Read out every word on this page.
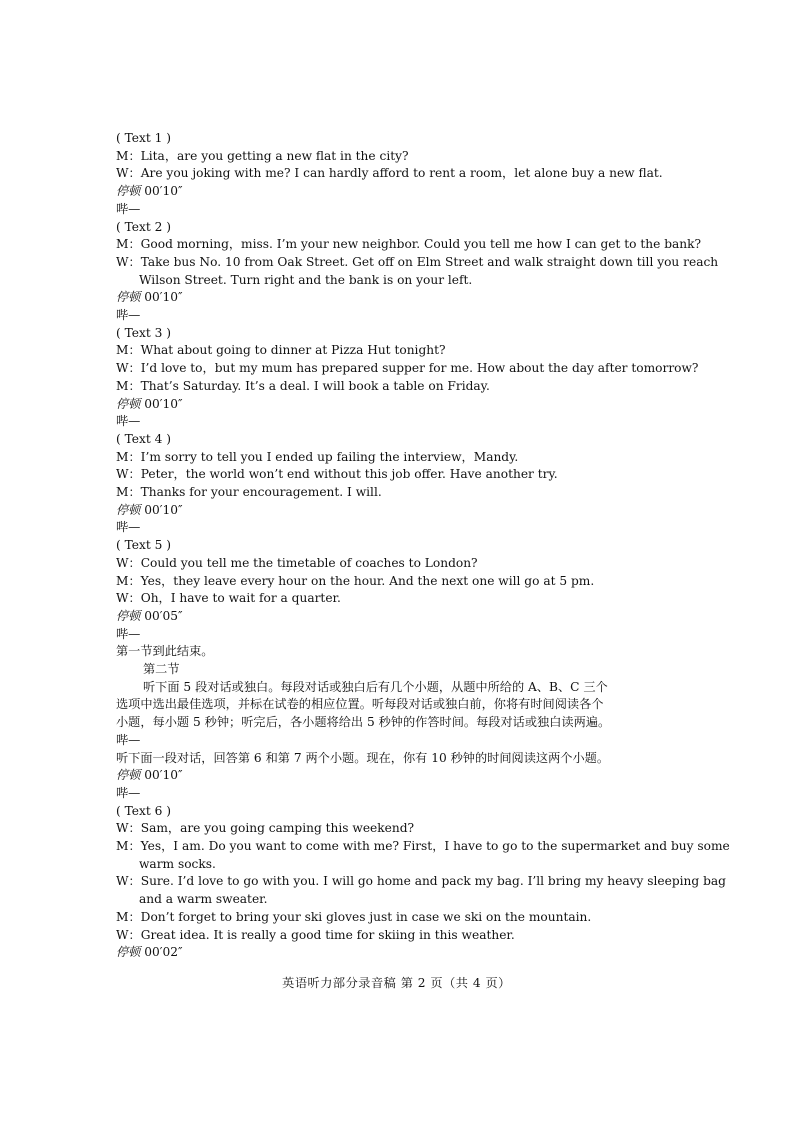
( Text 1 )
M：Lita，are you getting a new flat in the city?
W：Are you joking with me? I can hardly afford to rent a room，let alone buy a new flat.
停顿 00′10″
哔—
( Text 2 )
M：Good morning，miss. I’m your new neighbor. Could you tell me how I can get to the bank?
W：Take bus No. 10 from Oak Street. Get off on Elm Street and walk straight down till you reach
Wilson Street. Turn right and the bank is on your left.
停顿 00′10″
哔—
( Text 3 )
M：What about going to dinner at Pizza Hut tonight?
W：I’d love to，but my mum has prepared supper for me. How about the day after tomorrow?
M：That’s Saturday. It’s a deal. I will book a table on Friday.
停顿 00′10″
哔—
( Text 4 )
M：I’m sorry to tell you I ended up failing the interview，Mandy.
W：Peter，the world won’t end without this job offer. Have another try.
M：Thanks for your encouragement. I will.
停顿 00′10″
哔—
( Text 5 )
W：Could you tell me the timetable of coaches to London?
M：Yes，they leave every hour on the hour. And the next one will go at 5 pm.
W：Oh，I have to wait for a quarter.
停顿 00′05″
哔—
第一节到此结束。
第二节
听下面 5 段对话或独白。每段对话或独白后有几个小题，从题中所给的 A、B、C 三个
选项中选出最佳选项，并标在试卷的相应位置。听每段对话或独白前，你将有时间阅读各个
小题，每小题 5 秒钟；听完后，各小题将给出 5 秒钟的作答时间。每段对话或独白读两遍。
哔—
听下面一段对话，回答第 6 和第 7 两个小题。现在，你有 10 秒钟的时间阅读这两个小题。
停顿 00′10″
哔—
( Text 6 )
W：Sam，are you going camping this weekend?
M：Yes，I am. Do you want to come with me? First，I have to go to the supermarket and buy some
warm socks.
W：Sure. I’d love to go with you. I will go home and pack my bag. I’ll bring my heavy sleeping bag
and a warm sweater.
M：Don’t forget to bring your ski gloves just in case we ski on the mountain.
W：Great idea. It is really a good time for skiing in this weather.
停顿 00′02″
英语听力部分录音稿 第 2 页（共 4 页）
